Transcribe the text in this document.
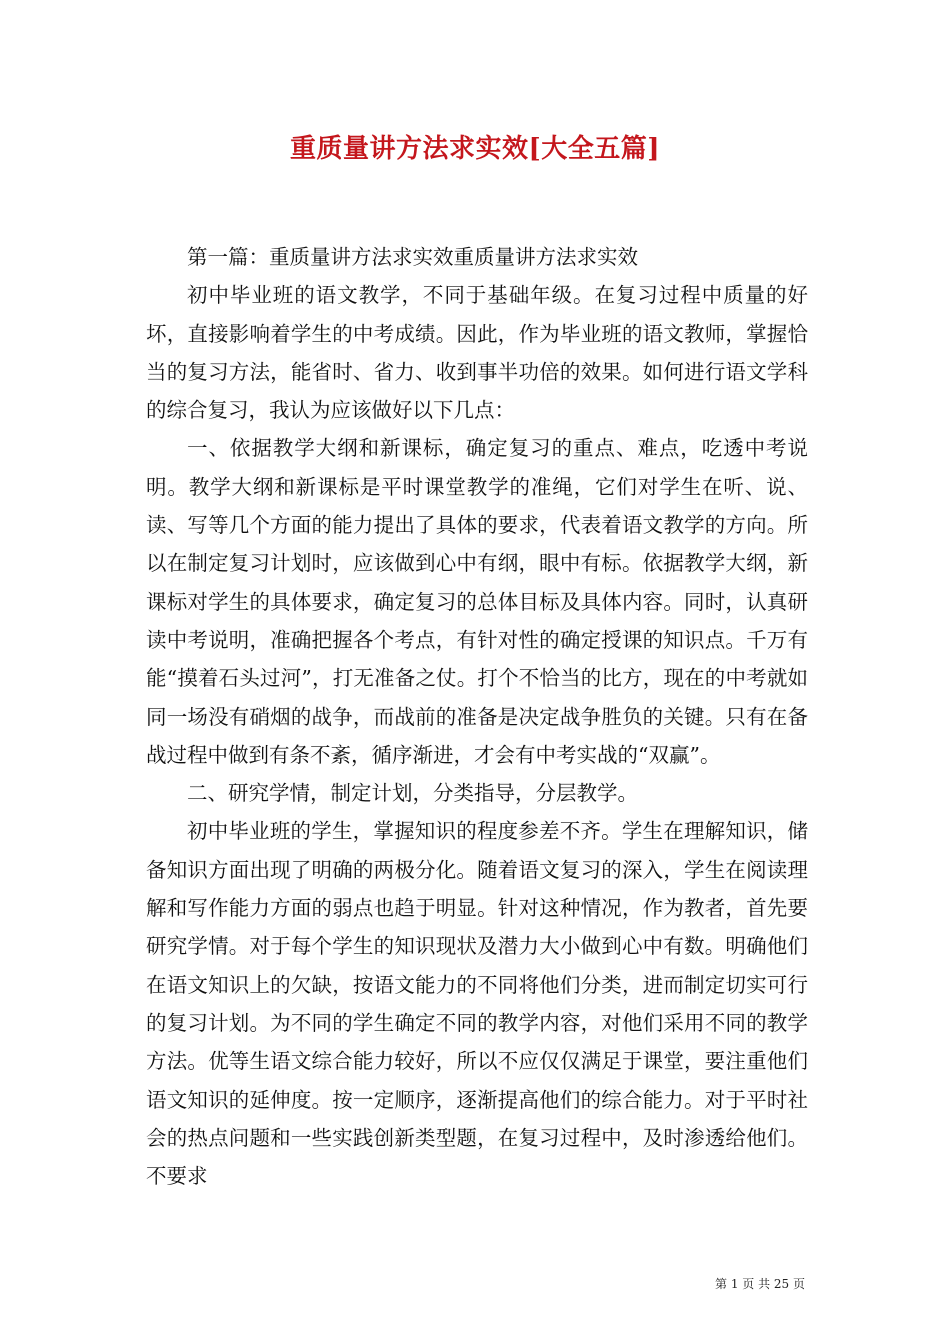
重质量讲方法求实效[大全五篇]

第一篇：重质量讲方法求实效重质量讲方法求实效

初中毕业班的语文教学，不同于基础年级。在复习过程中质量的好坏，直接影响着学生的中考成绩。因此，作为毕业班的语文教师，掌握恰当的复习方法，能省时、省力、收到事半功倍的效果。如何进行语文学科的综合复习，我认为应该做好以下几点：

一、依据教学大纲和新课标，确定复习的重点、难点，吃透中考说明。教学大纲和新课标是平时课堂教学的准绳，它们对学生在听、说、读、写等几个方面的能力提出了具体的要求，代表着语文教学的方向。所以在制定复习计划时，应该做到心中有纲，眼中有标。依据教学大纲，新课标对学生的具体要求，确定复习的总体目标及具体内容。同时，认真研读中考说明，准确把握各个考点，有针对性的确定授课的知识点。千万有能“摸着石头过河”，打无准备之仗。打个不恰当的比方，现在的中考就如同一场没有硝烟的战争，而战前的准备是决定战争胜负的关键。只有在备战过程中做到有条不紊，循序渐进，才会有中考实战的“双赢”。

二、研究学情，制定计划，分类指导，分层教学。

初中毕业班的学生，掌握知识的程度参差不齐。学生在理解知识，储备知识方面出现了明确的两极分化。随着语文复习的深入，学生在阅读理解和写作能力方面的弱点也趋于明显。针对这种情况，作为教者，首先要研究学情。对于每个学生的知识现状及潜力大小做到心中有数。明确他们在语文知识上的欠缺，按语文能力的不同将他们分类，进而制定切实可行的复习计划。为不同的学生确定不同的教学内容，对他们采用不同的教学方法。优等生语文综合能力较好，所以不应仅仅满足于课堂，要注重他们语文知识的延伸度。按一定顺序，逐渐提高他们的综合能力。对于平时社会的热点问题和一些实践创新类型题，在复习过程中，及时渗透给他们。不要求

第 1 页 共 25 页
